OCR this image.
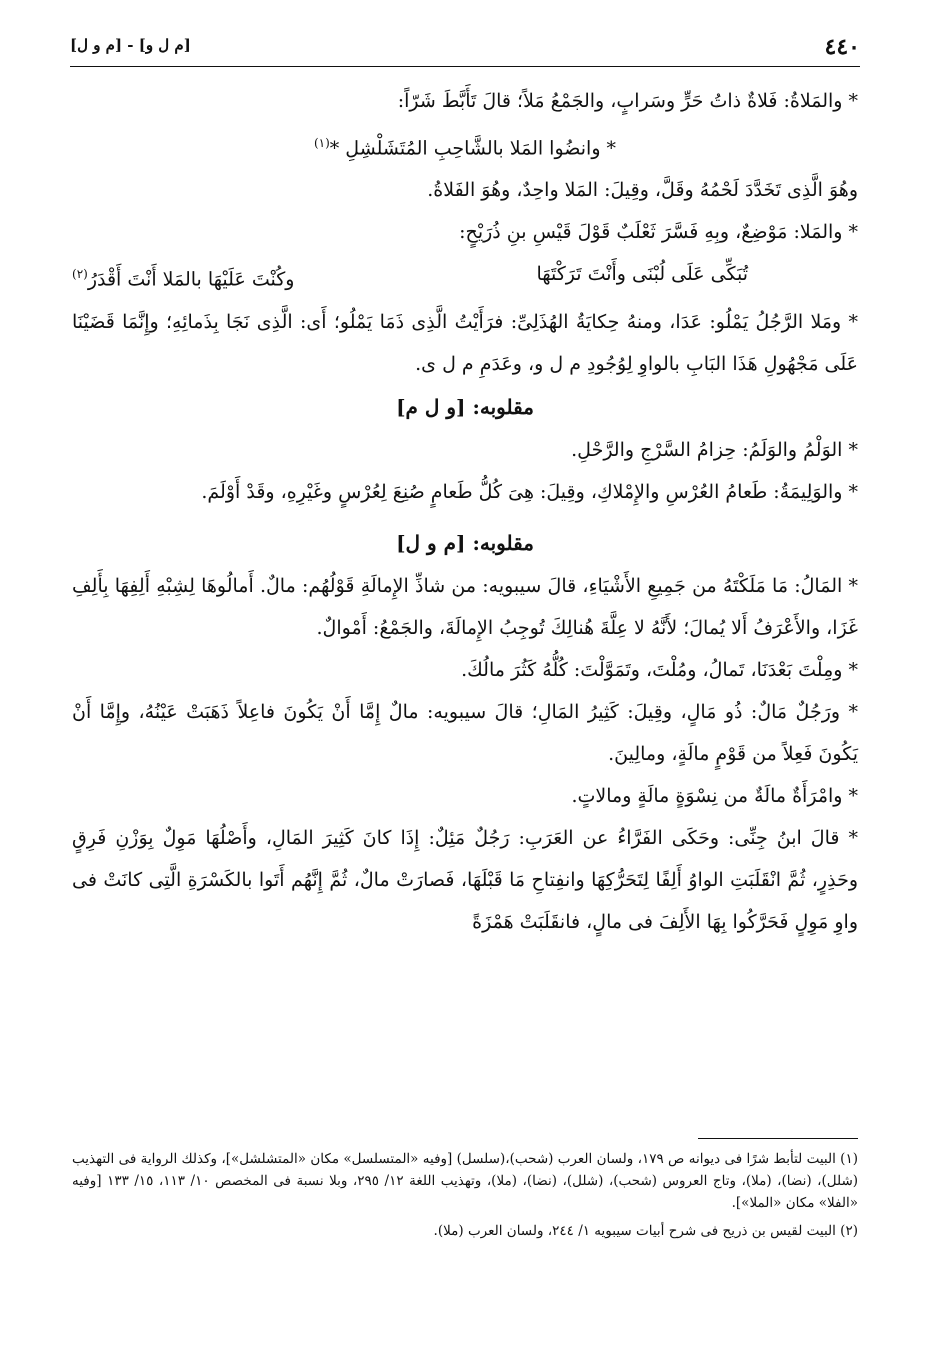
٤٤٠
[م ل و] - [م و ل]

* والمَلاةُ: فَلاةٌ ذاتُ حَرٍّ وسَرابٍ، والجَمْعُ مَلاً؛ قالَ تَأَبَّطَ شَرّاً:

* وانضُوا المَلا بالشَّاحِبِ المُتَشَلْشِلِ *$^{(١)}$

وهُوَ الَّذِى تَخَدَّدَ لَحْمُهُ وقَلَّ، وقِيلَ: المَلا واحِدٌ، وهُوَ الفَلاةُ.

* والمَلا: مَوْضِعٌ، وبِهِ فَسَّرَ ثَعْلَبٌ قَوْلَ قَيْسِ بنِ ذُرَيْحٍ:

تُبَكِّى عَلَى لُبْنَى وأَنْتَ تَرَكْتَهَا
وكُنْتَ عَلَيْهَا بالمَلا أَنْتَ أَقْدَرُ$^{(٢)}$

* ومَلا الرَّجُلُ يَمْلُو: عَدَا، ومنهُ حِكايَةُ الهُذَلِىِّ: فرَأَيْتُ الَّذِى ذَمَا يَمْلُو؛ أَى: الَّذِى نَجَا بِذَمائِهِ؛ وإِنَّمَا قَضَيْنَا عَلَى مَجْهُولِ هَذَا البَابِ بالواوِ لِوُجُودِ م ل و، وعَدَمِ م ل ى.

مقلوبه: [و ل م]

* الوَلْمُ والوَلَمُ: حِزامُ السَّرْجِ والرَّحْلِ.

* والوَلِيمَةُ: طَعامُ العُرْسِ والإِمْلاكِ، وقِيلَ: هِىَ كُلُّ طَعامٍ صُنِعَ لِعُرْسٍ وغَيْرِهِ، وقَدْ أَوْلَمَ.

مقلوبه: [م و ل]

* المَالُ: مَا مَلَكْتَهُ من جَمِيعِ الأَشْيَاءِ، قالَ سيبويه: من شاذِّ الإِمالَةِ قَوْلُهُم: مالٌ. أَمالُوهَا لِشِبْهِ أَلِفِهَا بِأَلِفِ غَزَا، والأَعْرَفُ أَلا يُمالَ؛ لأَنَّهُ لا عِلَّةَ هُنالِكَ تُوجِبُ الإِمالَةَ، والجَمْعُ: أَمْوالٌ.

* ومِلْتَ بَعْدَنَا، تَمالُ، ومُلْتَ، وتَمَوَّلْتَ: كُلُّهُ كَثُرَ مالُكَ.

* ورَجُلٌ مَالٌ: ذُو مَالٍ، وقِيلَ: كَثِيرُ المَالِ؛ قالَ سيبويه: مالٌ إِمَّا أَنْ يَكُونَ فاعِلاً ذَهَبَتْ عَيْنُهُ، وإِمَّا أَنْ يَكُونَ فَعِلاً من قَوْمٍ مالَةٍ، ومالِينَ.

* وامْرَأَةٌ مالَةٌ من نِسْوَةٍ مالَةٍ ومالاتٍ.

* قالَ ابنُ جِنِّى: وحَكَى الفَرَّاءُ عن العَرَبِ: رَجُلٌ مَئِلٌ: إِذَا كانَ كَثِيرَ المَالِ، وأَصْلُهَا مَوِلٌ بِوَزْنِ فَرِقٍ وحَذِرٍ، ثُمَّ انْقَلَبَتِ الواوُ أَلِفًا لِتَحَرُّكِهَا وانفِتاحِ مَا قَبْلَهَا، فَصارَتْ مالٌ، ثُمَّ إِنَّهُم أَتَوا بالكَسْرَةِ الَّتِى كانَتْ فى واوِ مَوِلٍ فَحَرَّكُوا بِهَا الأَلِفَ فى مالٍ، فانقَلَبَتْ هَمْزَةً

(١) البيت لتأبط شرًا فى ديوانه ص ١٧٩، ولسان العرب (شحب)،(سلسل) [وفيه «المتسلسل» مكان «المتشلشل»]، وكذلك الرواية فى التهذيب (شلل)، (نضا)، (ملا)، وتاج العروس (شحب)، (شلل)، (نضا)، (ملا)، وتهذيب اللغة ١٢/ ٢٩٥، وبلا نسبة فى المخصص ١٠/ ١١٣، ١٥/ ١٣٣ [وفيه «الفلا» مكان «الملا»].

(٢) البيت لقيس بن ذريح فى شرح أبيات سيبويه ١/ ٢٤٤، ولسان العرب (ملا).
